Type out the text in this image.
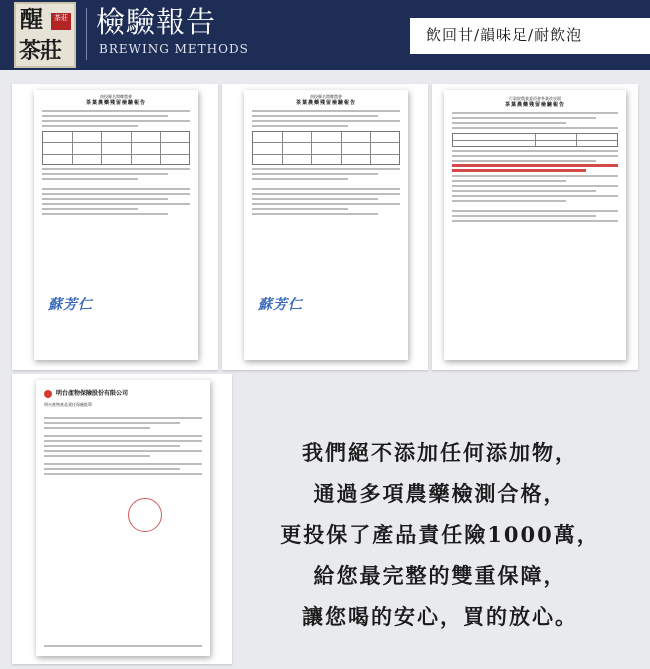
醒	茶莊
茶莊
檢驗報告
BREWING METHODS
飲回甘/韻味足/耐飲泡
南投縣名間鄉農會
茶葉農藥殘留檢驗報告
蘇芳仁
南投縣名間鄉農會
茶葉農藥殘留檢驗報告
蘇芳仁
行政院農業委員會茶業改良場
茶葉農藥殘留檢驗報告
明台產物保險股份有限公司
明台產物產品責任保險批單
我們絕不添加任何添加物，
通過多項農藥檢測合格，
更投保了產品責任險1000萬，
給您最完整的雙重保障，
讓您喝的安心，買的放心。
